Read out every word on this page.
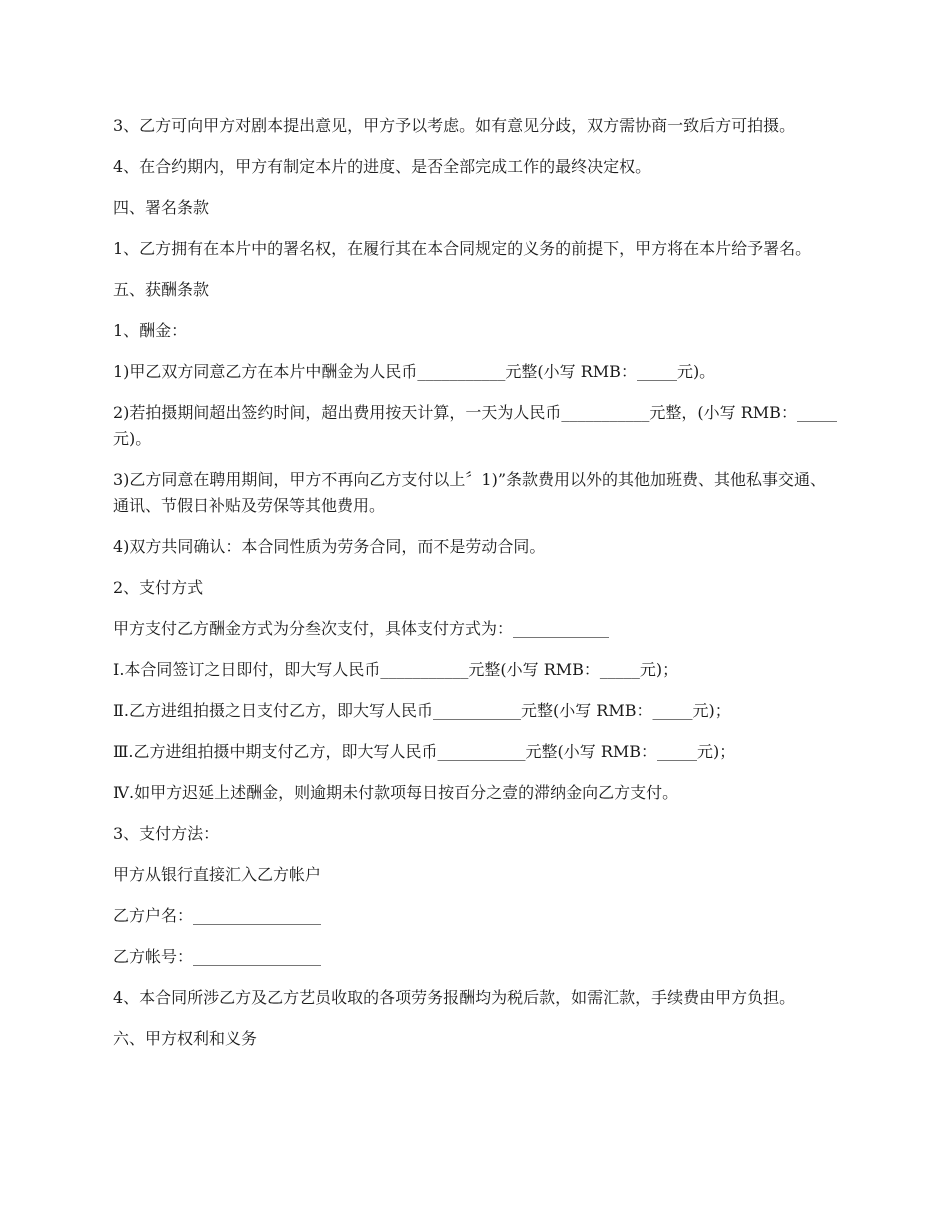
3、乙方可向甲方对剧本提出意见，甲方予以考虑。如有意见分歧，双方需协商一致后方可拍摄。
4、在合约期内，甲方有制定本片的进度、是否全部完成工作的最终决定权。
四、署名条款
1、乙方拥有在本片中的署名权，在履行其在本合同规定的义务的前提下，甲方将在本片给予署名。
五、获酬条款
1、酬金：
1)甲乙双方同意乙方在本片中酬金为人民币___________元整(小写 RMB：_____元)。
2)若拍摄期间超出签约时间，超出费用按天计算，一天为人民币___________元整，(小写 RMB：_____元)。
3)乙方同意在聘用期间，甲方不再向乙方支付以上〞1)”条款费用以外的其他加班费、其他私事交通、通讯、节假日补贴及劳保等其他费用。
4)双方共同确认：本合同性质为劳务合同，而不是劳动合同。
2、支付方式
甲方支付乙方酬金方式为分叁次支付，具体支付方式为：____________
Ⅰ.本合同签订之日即付，即大写人民币___________元整(小写 RMB：_____元)；
Ⅱ.乙方进组拍摄之日支付乙方，即大写人民币___________元整(小写 RMB：_____元)；
Ⅲ.乙方进组拍摄中期支付乙方，即大写人民币___________元整(小写 RMB：_____元)；
Ⅳ.如甲方迟延上述酬金，则逾期未付款项每日按百分之壹的滞纳金向乙方支付。
3、支付方法：
甲方从银行直接汇入乙方帐户
乙方户名：________________
乙方帐号：________________
4、本合同所涉乙方及乙方艺员收取的各项劳务报酬均为税后款，如需汇款，手续费由甲方负担。
六、甲方权利和义务
